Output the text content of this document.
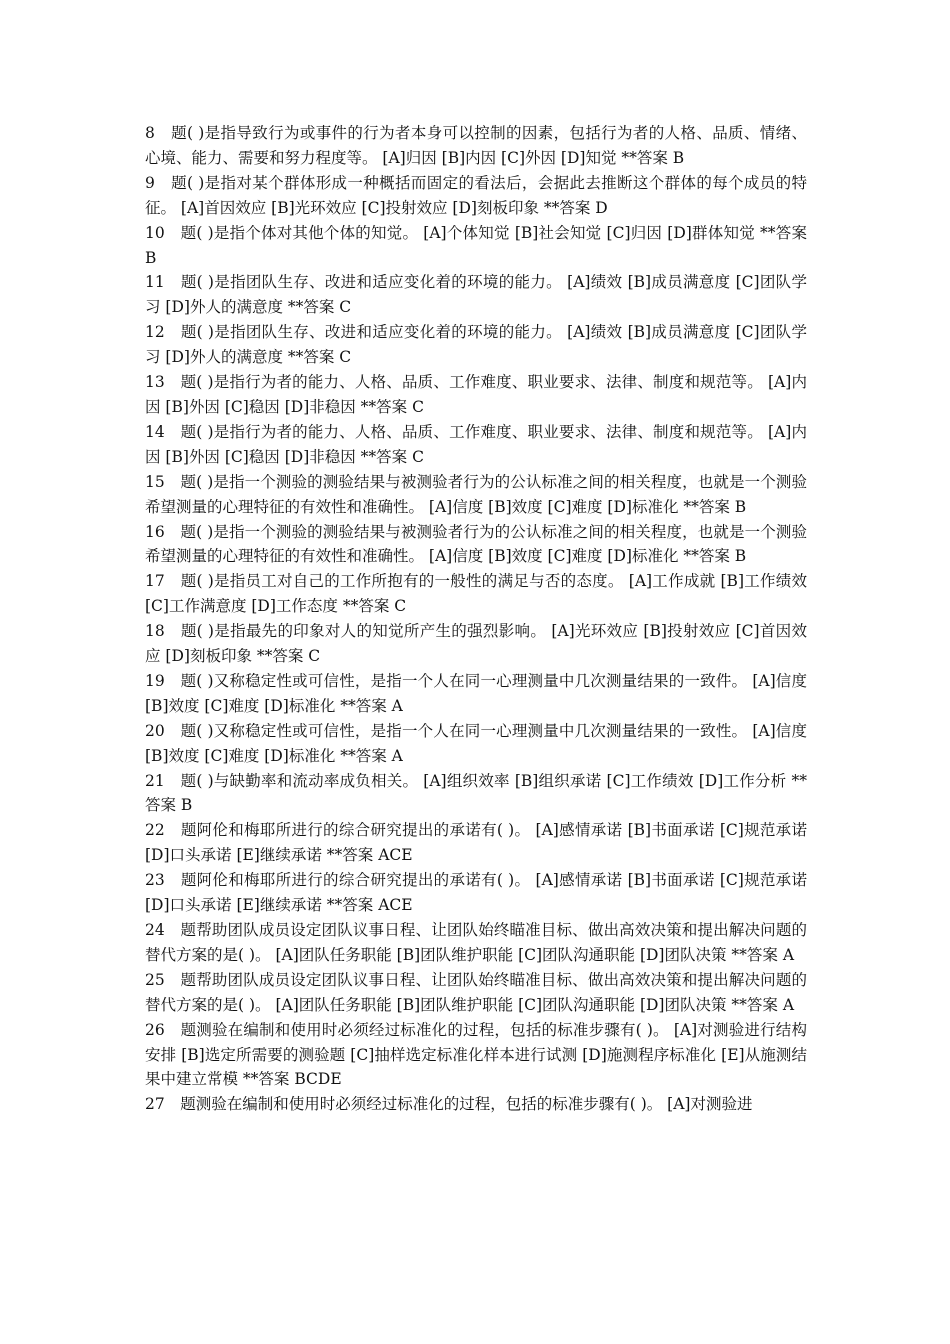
8　题( )是指导致行为或事件的行为者本身可以控制的因素，包括行为者的人格、品质、情绪、心境、能力、需要和努力程度等。 [A]归因 [B]内因 [C]外因 [D]知觉 **答案 B

9　题( )是指对某个群体形成一种概括而固定的看法后，会据此去推断这个群体的每个成员的特征。 [A]首因效应 [B]光环效应 [C]投射效应 [D]刻板印象 **答案 D

10　题( )是指个体对其他个体的知觉。 [A]个体知觉 [B]社会知觉 [C]归因 [D]群体知觉 **答案 B

11　题( )是指团队生存、改进和适应变化着的环境的能力。 [A]绩效 [B]成员满意度 [C]团队学习 [D]外人的满意度 **答案 C

12　题( )是指团队生存、改进和适应变化着的环境的能力。 [A]绩效 [B]成员满意度 [C]团队学习 [D]外人的满意度 **答案 C

13　题( )是指行为者的能力、人格、品质、工作难度、职业要求、法律、制度和规范等。 [A]内因 [B]外因 [C]稳因 [D]非稳因 **答案 C

14　题( )是指行为者的能力、人格、品质、工作难度、职业要求、法律、制度和规范等。 [A]内因 [B]外因 [C]稳因 [D]非稳因 **答案 C

15　题( )是指一个测验的测验结果与被测验者行为的公认标准之间的相关程度，也就是一个测验希望测量的心理特征的有效性和准确性。 [A]信度 [B]效度 [C]难度 [D]标准化 **答案 B

16　题( )是指一个测验的测验结果与被测验者行为的公认标准之间的相关程度，也就是一个测验希望测量的心理特征的有效性和准确性。 [A]信度 [B]效度 [C]难度 [D]标准化 **答案 B

17　题( )是指员工对自己的工作所抱有的一般性的满足与否的态度。 [A]工作成就 [B]工作绩效 [C]工作满意度 [D]工作态度 **答案 C

18　题( )是指最先的印象对人的知觉所产生的强烈影响。 [A]光环效应 [B]投射效应 [C]首因效应 [D]刻板印象 **答案 C

19　题( )又称稳定性或可信性，是指一个人在同一心理测量中几次测量结果的一致件。 [A]信度 [B]效度 [C]难度 [D]标准化 **答案 A

20　题( )又称稳定性或可信性，是指一个人在同一心理测量中几次测量结果的一致性。 [A]信度 [B]效度 [C]难度 [D]标准化 **答案 A

21　题( )与缺勤率和流动率成负相关。 [A]组织效率 [B]组织承诺 [C]工作绩效 [D]工作分析 **答案 B

22　题阿伦和梅耶所进行的综合研究提出的承诺有( )。 [A]感情承诺 [B]书面承诺 [C]规范承诺 [D]口头承诺 [E]继续承诺 **答案 ACE

23　题阿伦和梅耶所进行的综合研究提出的承诺有( )。 [A]感情承诺 [B]书面承诺 [C]规范承诺 [D]口头承诺 [E]继续承诺 **答案 ACE

24　题帮助团队成员设定团队议事日程、让团队始终瞄准目标、做出高效决策和提出解决问题的替代方案的是( )。 [A]团队任务职能 [B]团队维护职能 [C]团队沟通职能 [D]团队决策 **答案 A

25　题帮助团队成员设定团队议事日程、让团队始终瞄准目标、做出高效决策和提出解决问题的替代方案的是( )。 [A]团队任务职能 [B]团队维护职能 [C]团队沟通职能 [D]团队决策 **答案 A

26　题测验在编制和使用时必须经过标准化的过程，包括的标准步骤有( )。 [A]对测验进行结构安排 [B]选定所需要的测验题 [C]抽样选定标准化样本进行试测 [D]施测程序标准化 [E]从施测结果中建立常模 **答案 BCDE

27　题测验在编制和使用时必须经过标准化的过程，包括的标准步骤有( )。 [A]对测验进
